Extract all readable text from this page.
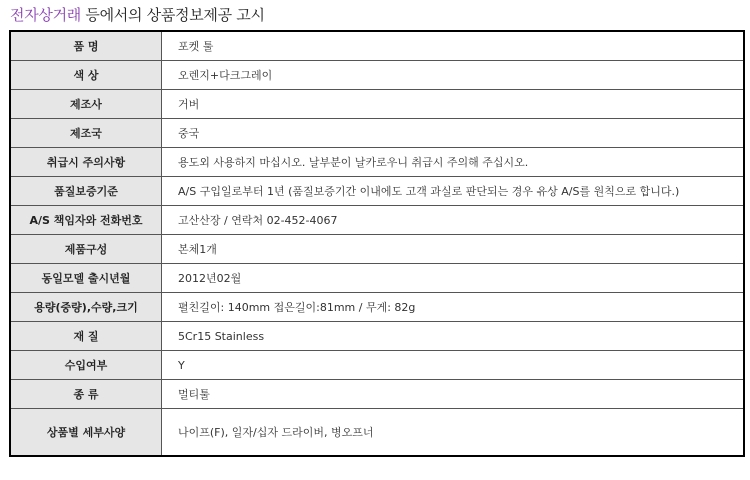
전자상거래 등에서의 상품정보제공 고시
품 명	포켓 툴
색 상	오렌지+다크그레이
제조사	거버
제조국	중국
취급시 주의사항	용도외 사용하지 마십시오. 날부분이 날카로우니 취급시 주의해 주십시오.
품질보증기준	A/S 구입일로부터 1년 (품질보증기간 이내에도 고객 과실로 판단되는 경우 유상 A/S를 원칙으로 합니다.)
A/S 책임자와 전화번호	고산산장 / 연락처 02-452-4067
제품구성	본체1개
동일모델 출시년월	2012년02월
용량(중량),수량,크기	펼친길이: 140mm 접은길이:81mm / 무게: 82g
재 질	5Cr15 Stainless
수입여부	Y
종 류	멀티툴
상품별 세부사양	나이프(F), 일자/십자 드라이버, 병오프너
